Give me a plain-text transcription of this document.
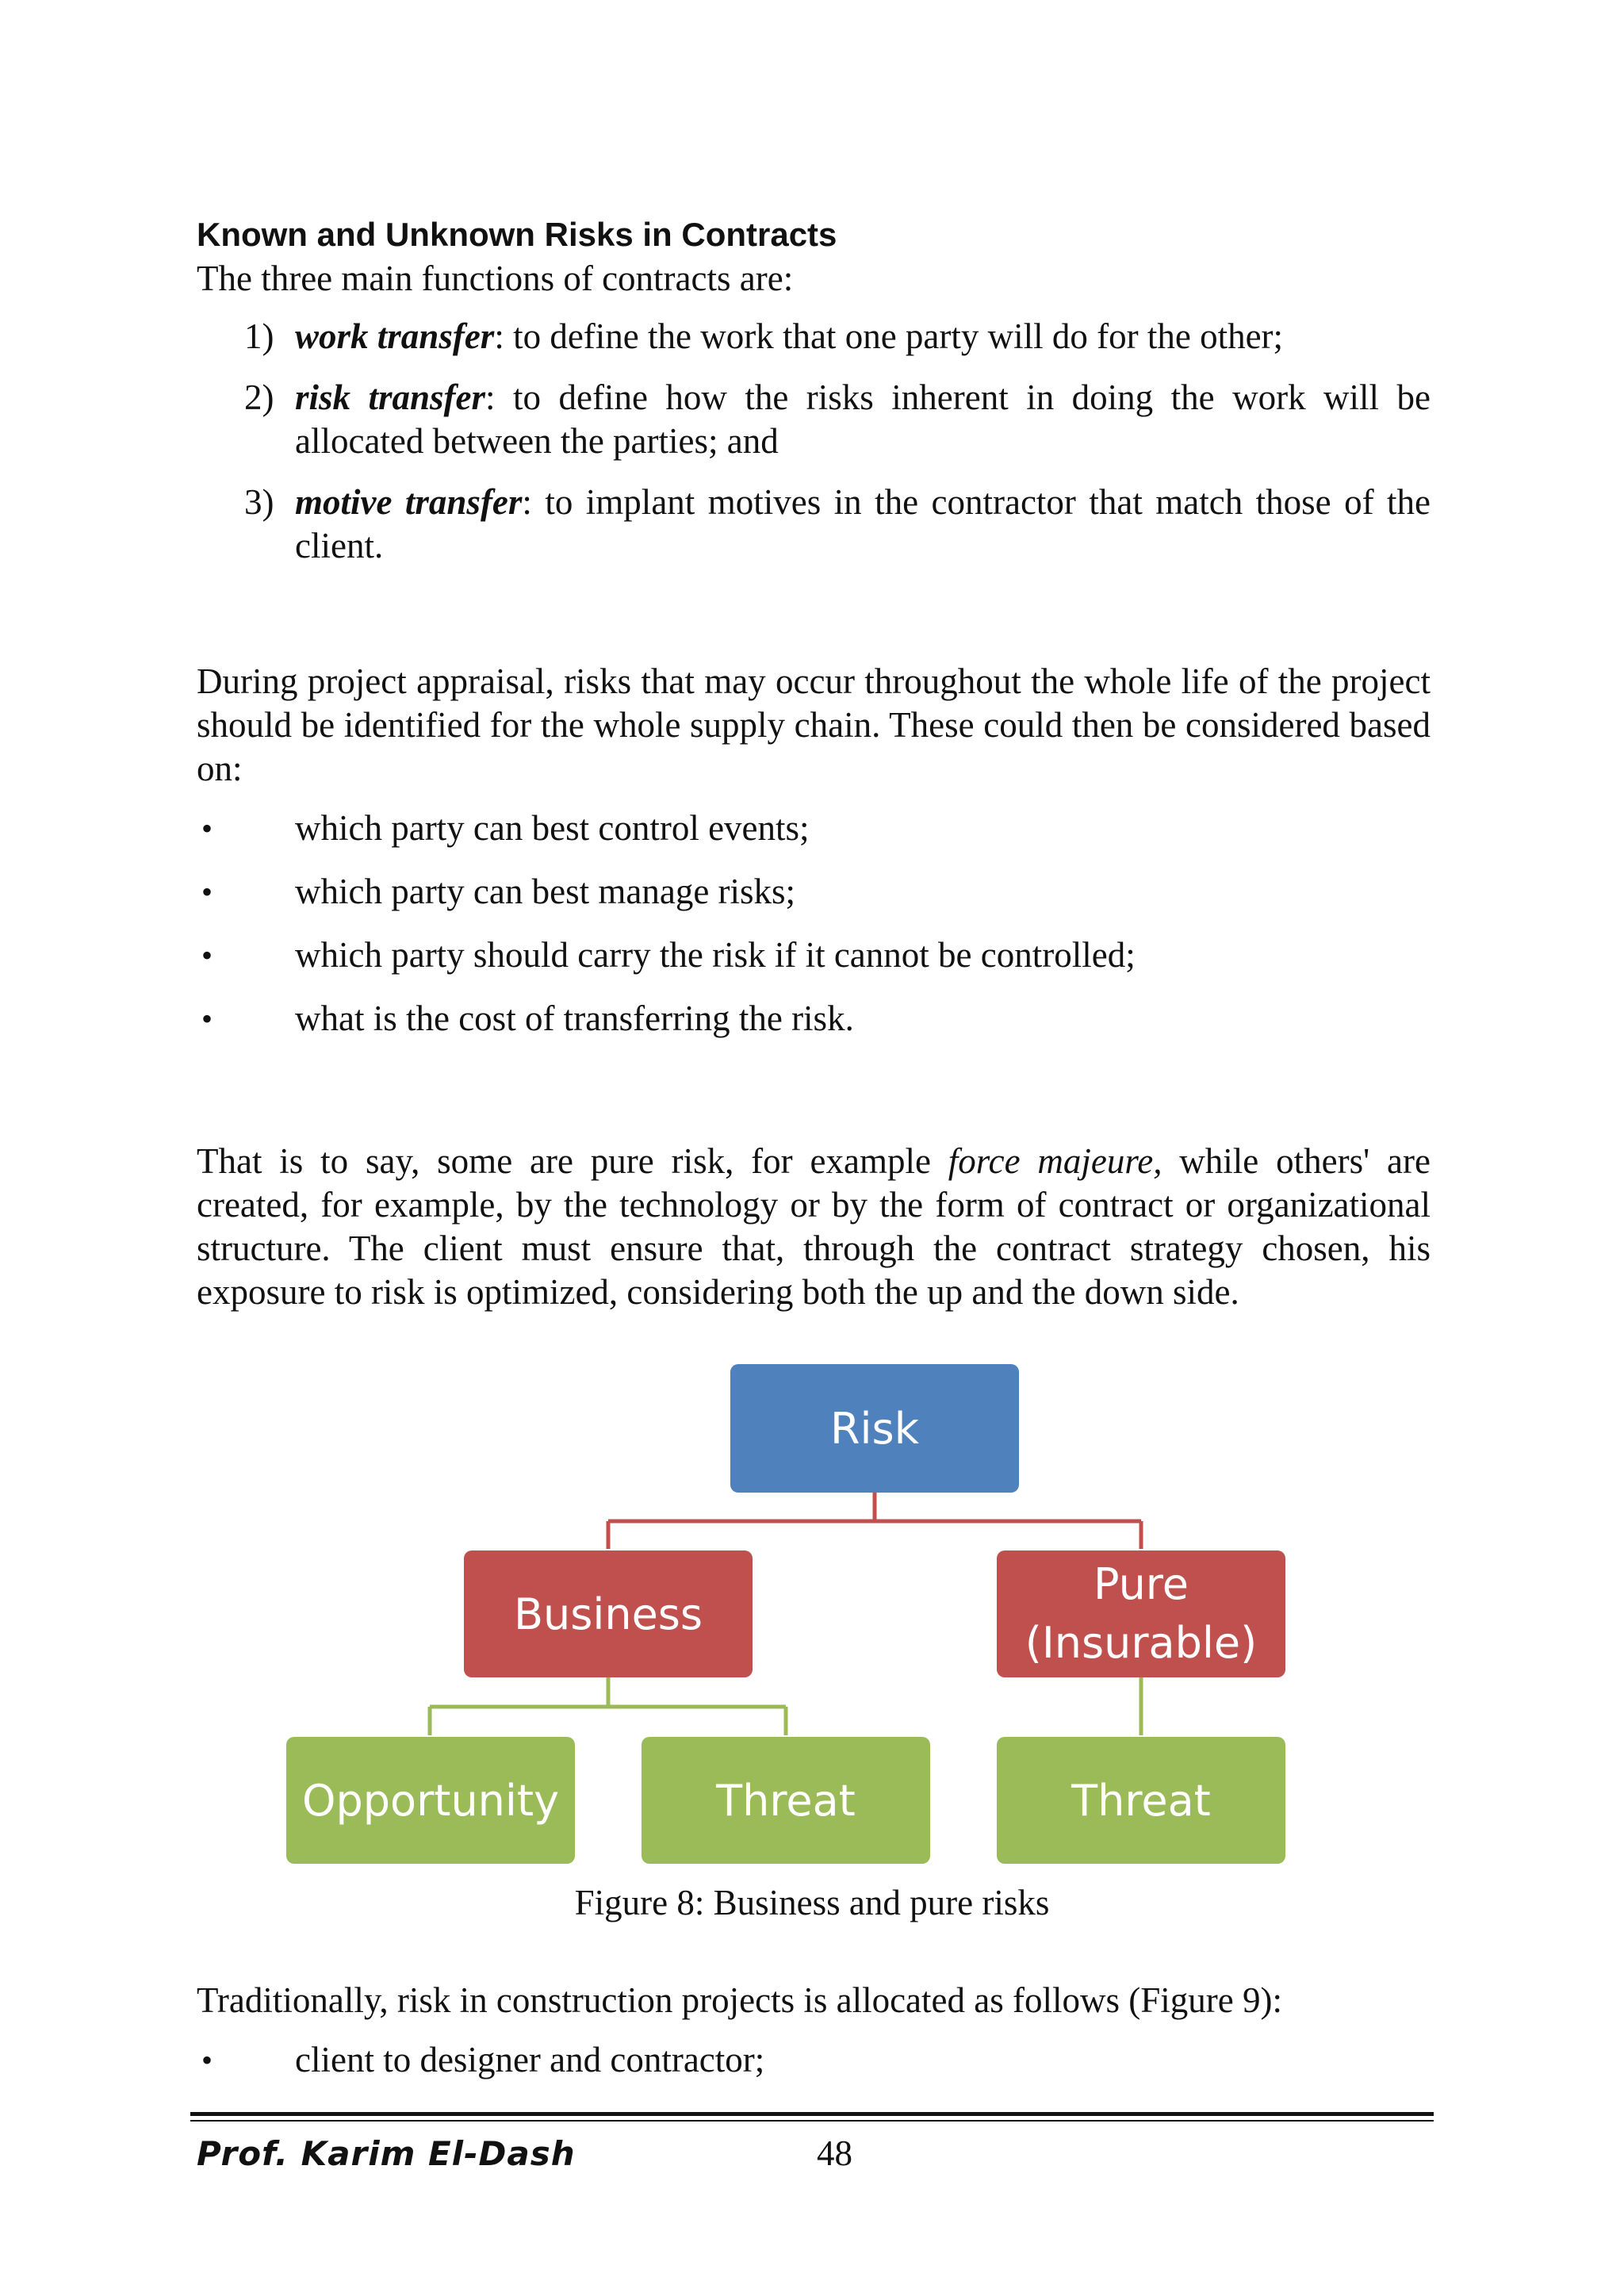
Known and Unknown Risks in Contracts

The three main functions of contracts are:

1) work transfer: to define the work that one party will do for the other;
2) risk transfer: to define how the risks inherent in doing the work will be allocated between the parties; and
3) motive transfer: to implant motives in the contractor that match those of the client.

During project appraisal, risks that may occur throughout the whole life of the project should be identified for the whole supply chain. These could then be considered based on:

• which party can best control events;
• which party can best manage risks;
• which party should carry the risk if it cannot be controlled;
• what is the cost of transferring the risk.

That is to say, some are pure risk, for example force majeure, while others' are created, for example, by the technology or by the form of contract or organizational structure. The client must ensure that, through the contract strategy chosen, his exposure to risk is optimized, considering both the up and the down side.

Risk
Business
Pure
(Insurable)
Opportunity	Threat	Threat
Figure 8: Business and pure risks

Traditionally, risk in construction projects is allocated as follows (Figure 9):

• client to designer and contractor;
Prof. Karim El-Dash	48
